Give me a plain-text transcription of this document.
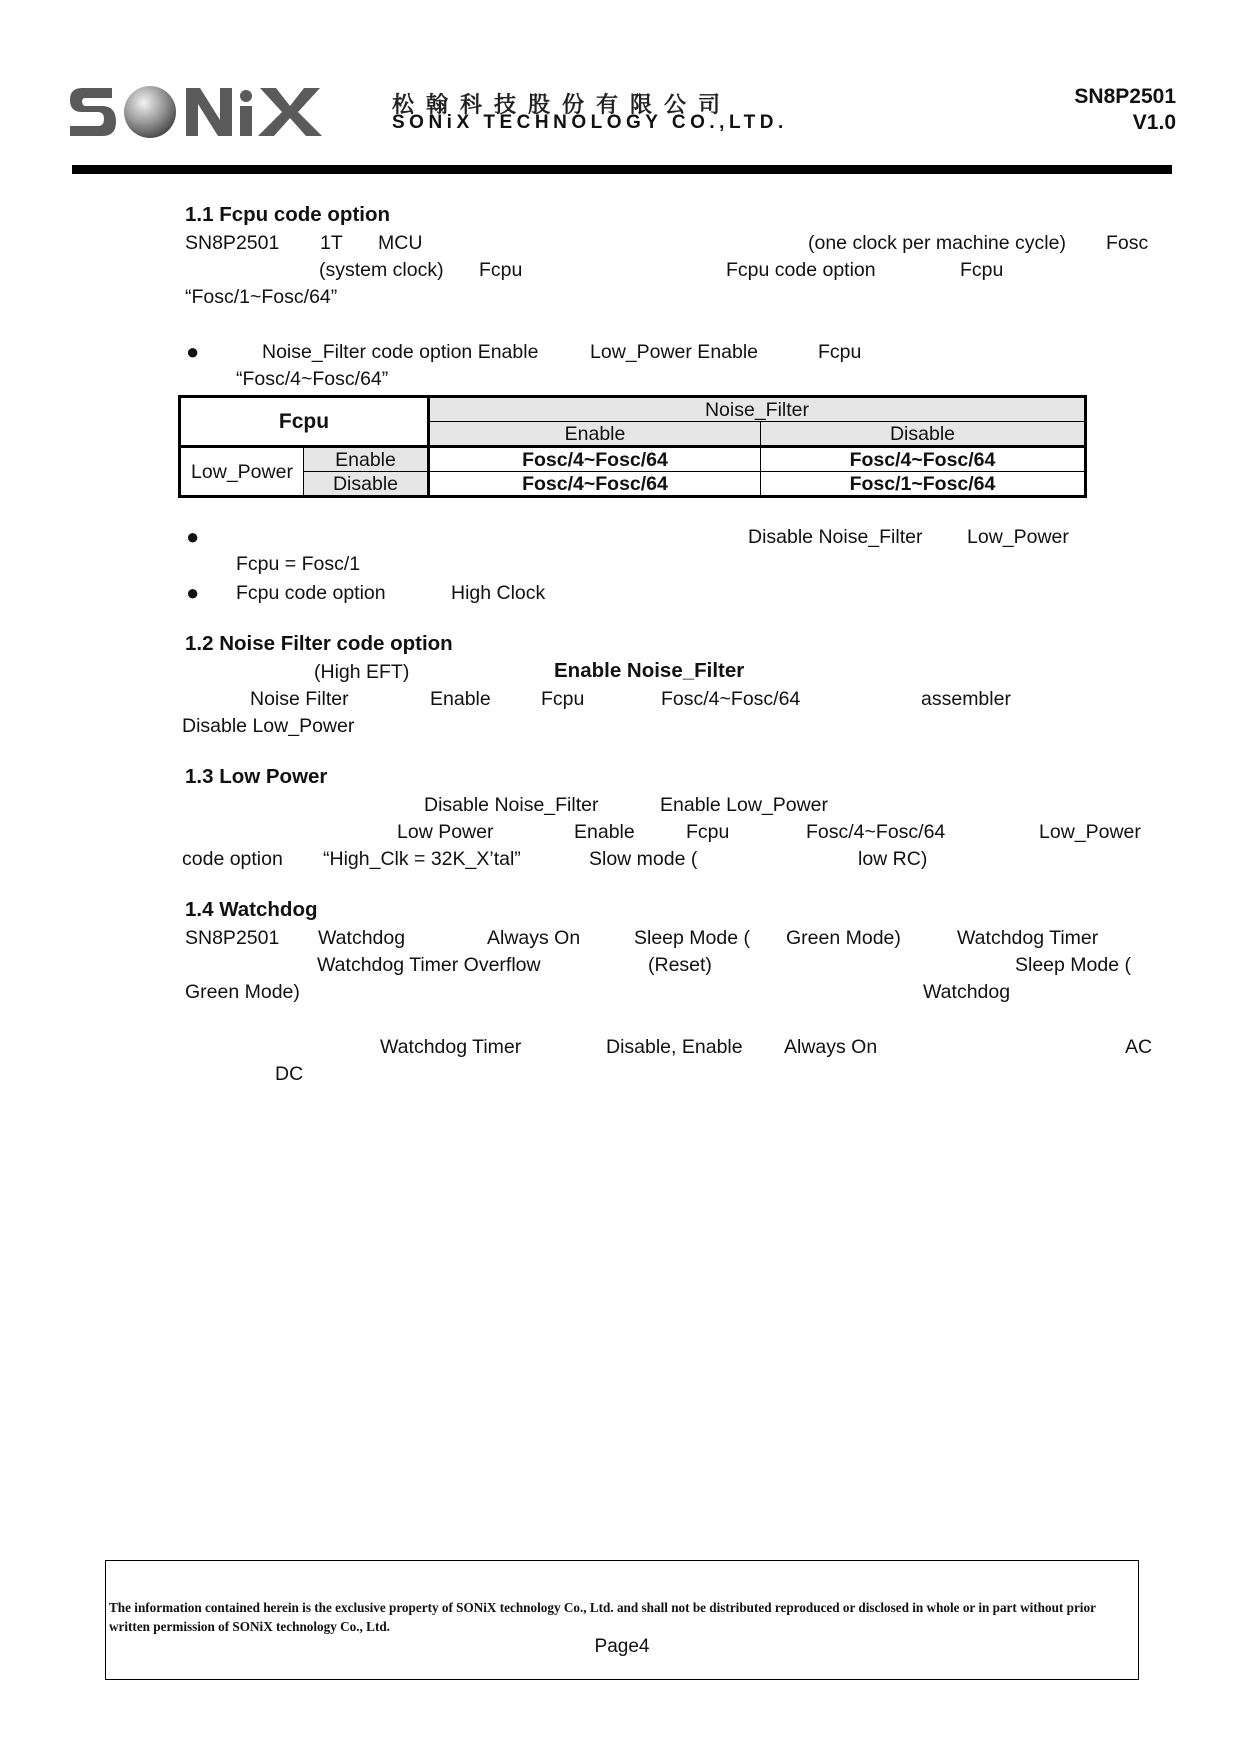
松翰科技股份有限公司
SONiX TECHNOLOGY CO.,LTD.
SN8P2501
V1.0
1.1 Fcpu code option
SN8P2501 1T MCU	(one clock per machine cycle) Fosc
(system clock) Fcpu	Fcpu code option	Fcpu
“Fosc/1~Fosc/64”
●	Noise_Filter code option Enable	Low_Power Enable	Fcpu
“Fosc/4~Fosc/64”
Fcpu		Noise_Filter	
		Enable	Disable
Low_Power	Enable	Fosc/4~Fosc/64	Fosc/4~Fosc/64
	Disable	Fosc/4~Fosc/64	Fosc/1~Fosc/64
●	Disable Noise_Filter Low_Power
Fcpu = Fosc/1
● Fcpu code option	High Clock
1.2 Noise Filter code option
(High EFT)	Enable Noise_Filter
Noise Filter	Enable	Fcpu	Fosc/4~Fosc/64	assembler
Disable Low_Power
1.3 Low Power
Disable Noise_Filter	Enable Low_Power
Low Power	Enable	Fcpu	Fosc/4~Fosc/64	Low_Power
code option “High_Clk = 32K_X’tal”	Slow mode (	low RC)
1.4 Watchdog
SN8P2501 Watchdog	Always On	Sleep Mode ( Green Mode)	Watchdog Timer
Watchdog Timer Overflow	(Reset)	Sleep Mode (
Green Mode)	Watchdog
Watchdog Timer	Disable, Enable Always On	AC
DC
The information contained herein is the exclusive property of SONiX technology Co., Ltd. and shall not be distributed reproduced or disclosed in whole or in part without prior written permission of SONiX technology Co., Ltd.
Page4
